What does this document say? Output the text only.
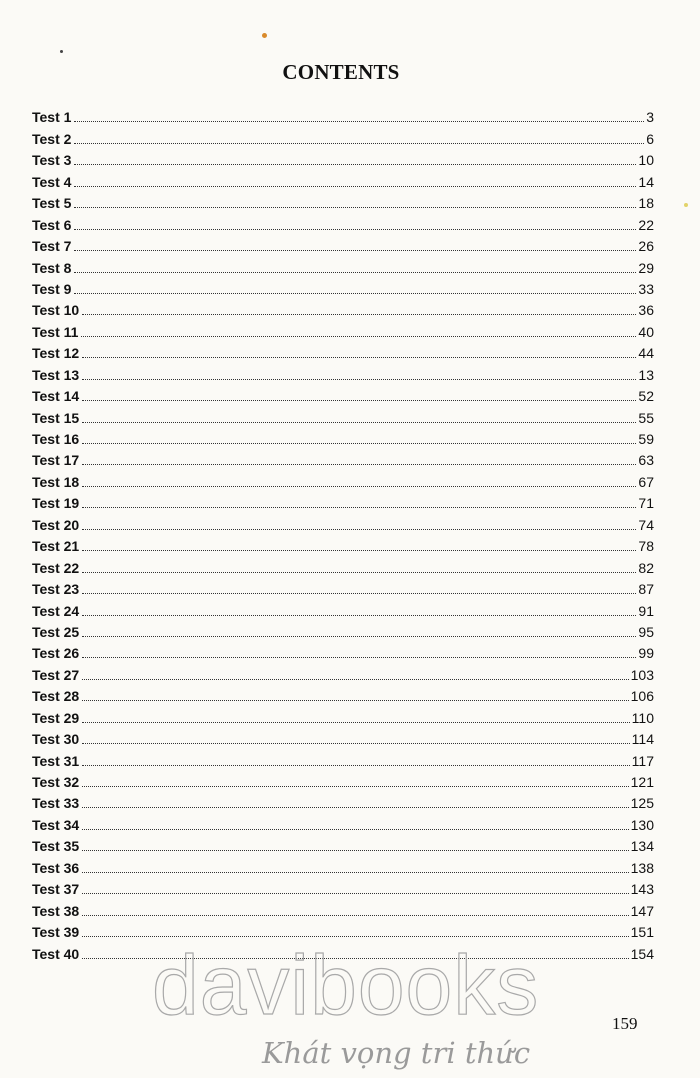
CONTENTS
Test 1	3
Test 2	6
Test 3	10
Test 4	14
Test 5	18
Test 6	22
Test 7	26
Test 8	29
Test 9	33
Test 10	36
Test 11	40
Test 12	44
Test 13	13
Test 14	52
Test 15	55
Test 16	59
Test 17	63
Test 18	67
Test 19	71
Test 20	74
Test 21	78
Test 22	82
Test 23	87
Test 24	91
Test 25	95
Test 26	99
Test 27	103
Test 28	106
Test 29	110
Test 30	114
Test 31	117
Test 32	121
Test 33	125
Test 34	130
Test 35	134
Test 36	138
Test 37	143
Test 38	147
Test 39	151
Test 40	154
159
davibooks
Khát vọng tri thức
